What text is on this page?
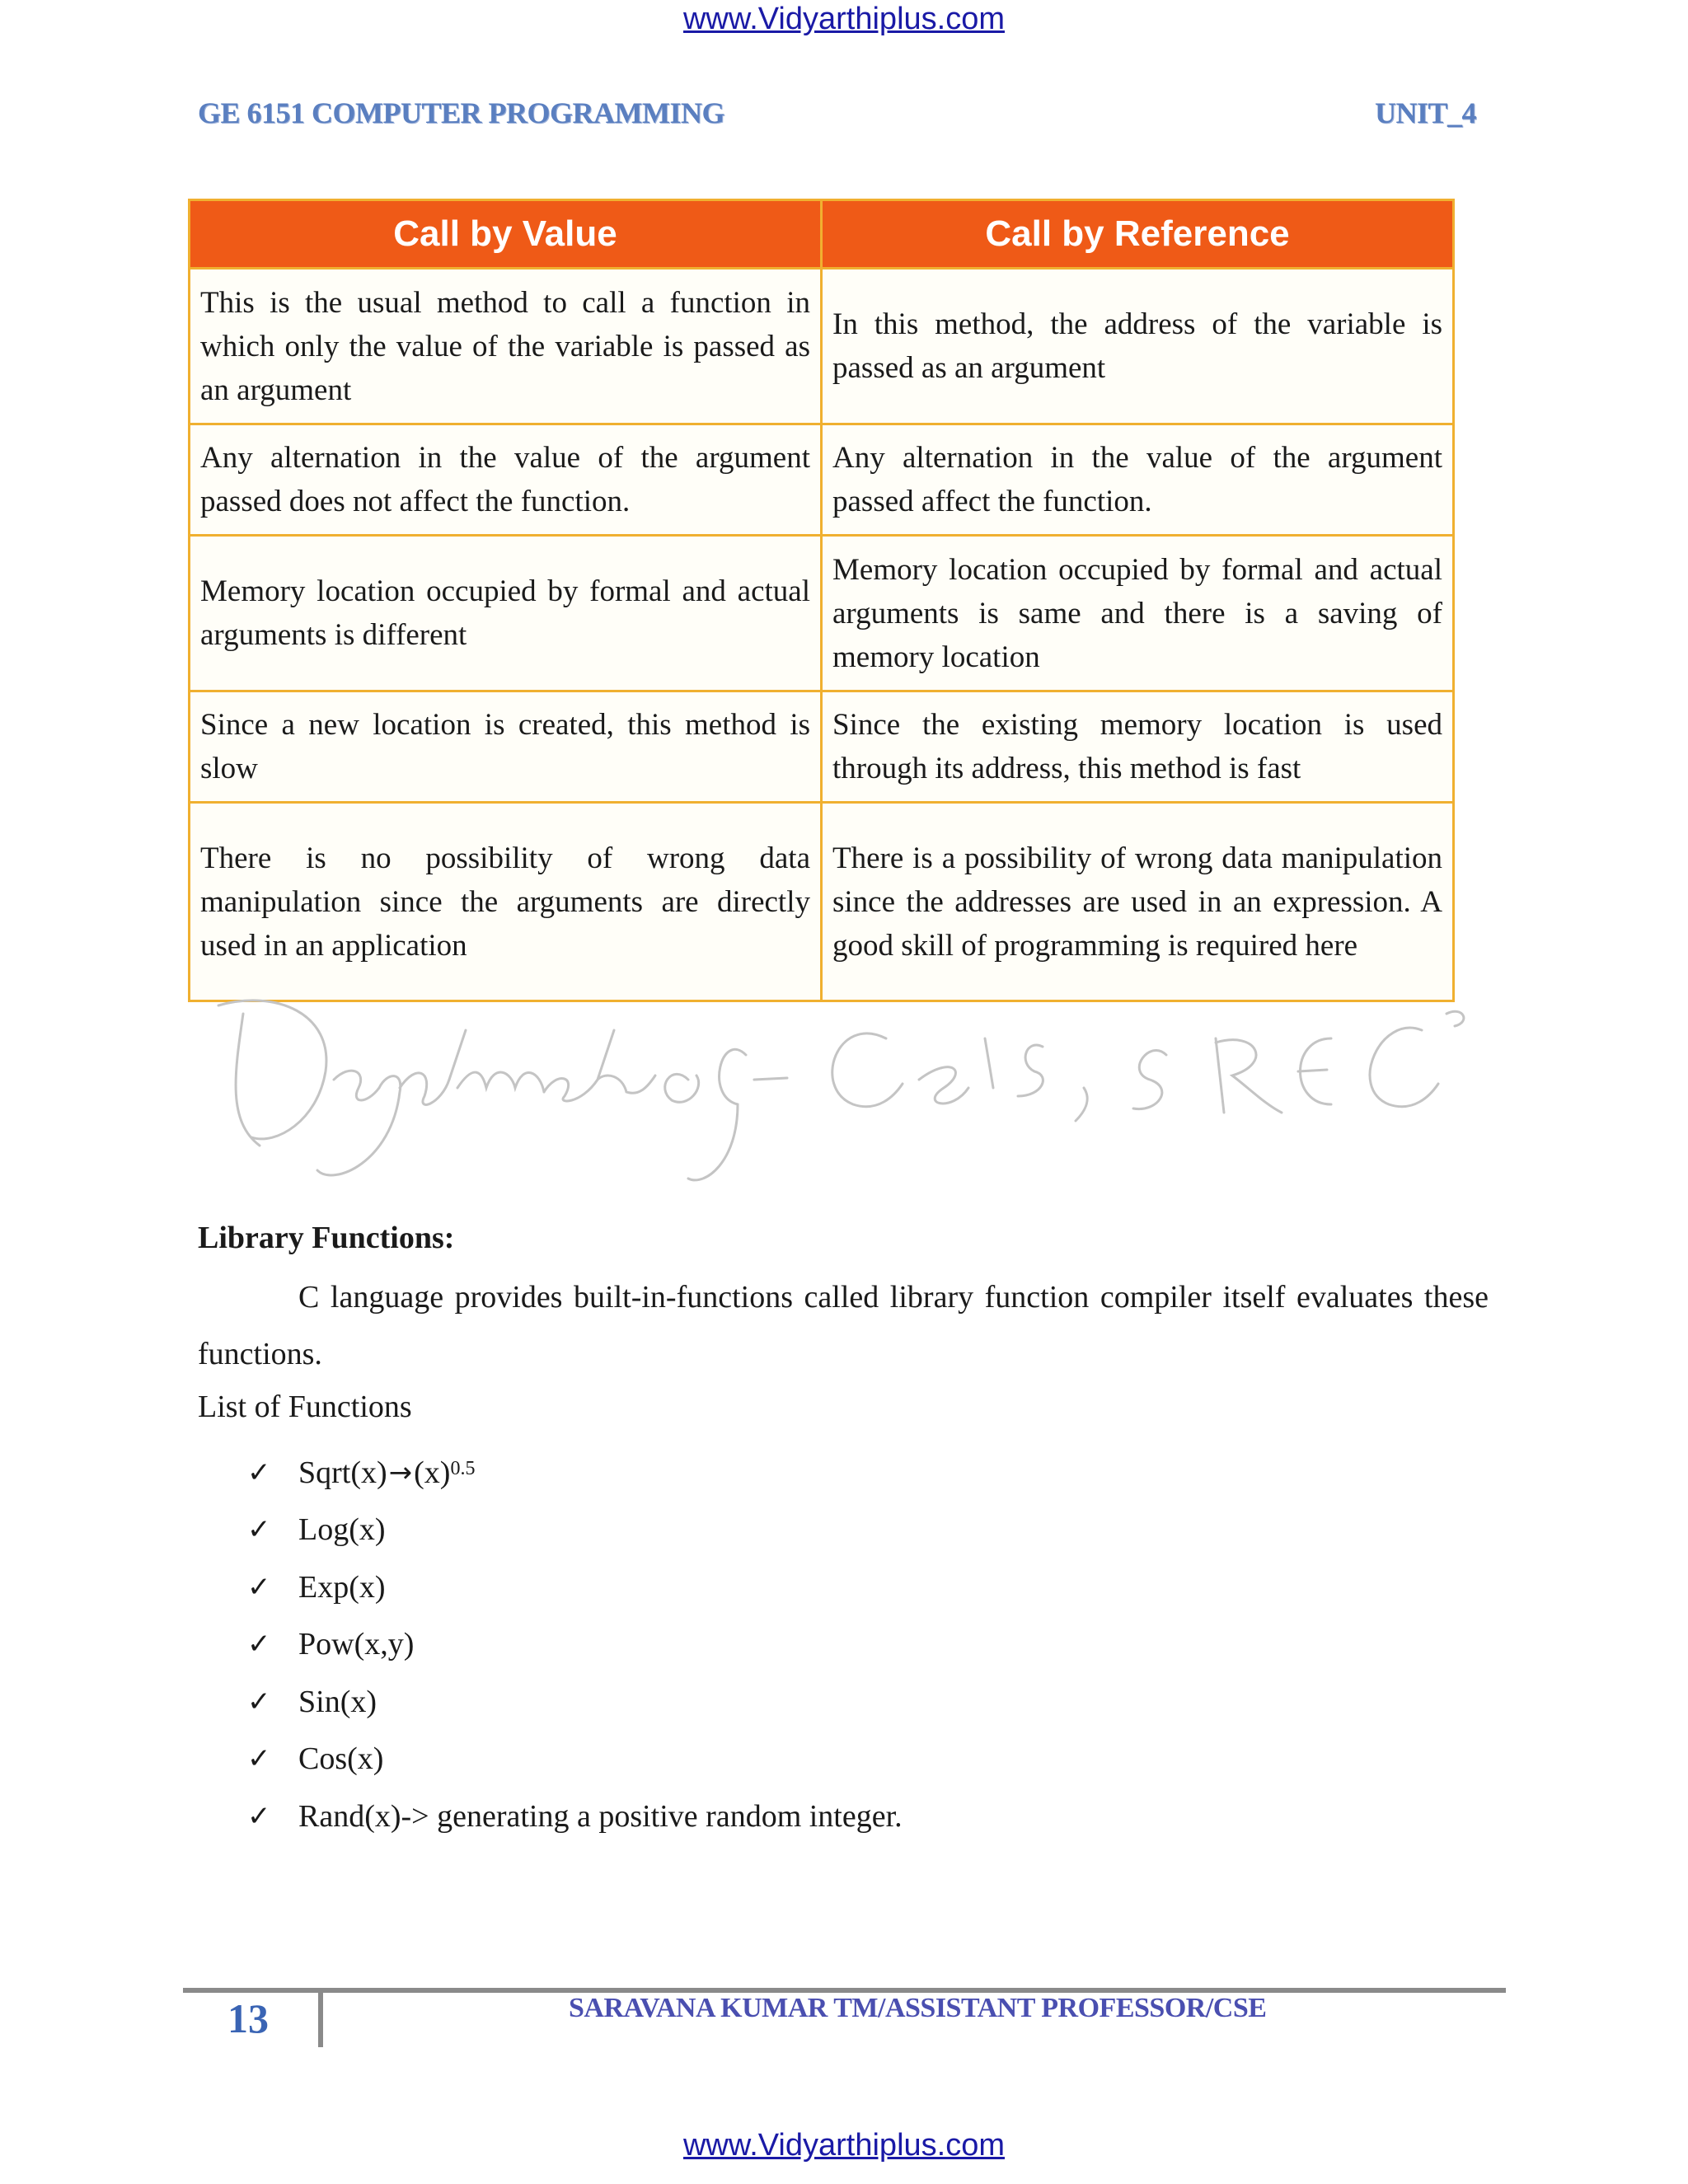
www.Vidyarthiplus.com
GE 6151 COMPUTER PROGRAMMING	UNIT_4
Call by Value	Call by Reference
This is the usual method to call a function in which only the value of the variable is passed as an argument	In this method, the address of the variable is passed as an argument
Any alternation in the value of the argument passed does not affect the function.	Any alternation in the value of the argument passed affect the function.
Memory location occupied by formal and actual arguments is different	Memory location occupied by formal and actual arguments is same and there is a saving of memory location
Since a new location is created, this method is slow	Since the existing memory location is used through its address, this method is fast
There is no possibility of wrong data manipulation since the arguments are directly used in an application	There is a possibility of wrong data manipulation since the addresses are used in an expression. A good skill of programming is required here
Library Functions:
C language provides built-in-functions called library function compiler itself evaluates these functions.
List of Functions
✓ Sqrt(x) → $(x)^{0.5}$
✓ Log(x)
✓ Exp(x)
✓ Pow(x,y)
✓ Sin(x)
✓ Cos(x)
✓ Rand(x)-> generating a positive random integer.
13	SARAVANA KUMAR TM/ASSISTANT PROFESSOR/CSE
www.Vidyarthiplus.com
